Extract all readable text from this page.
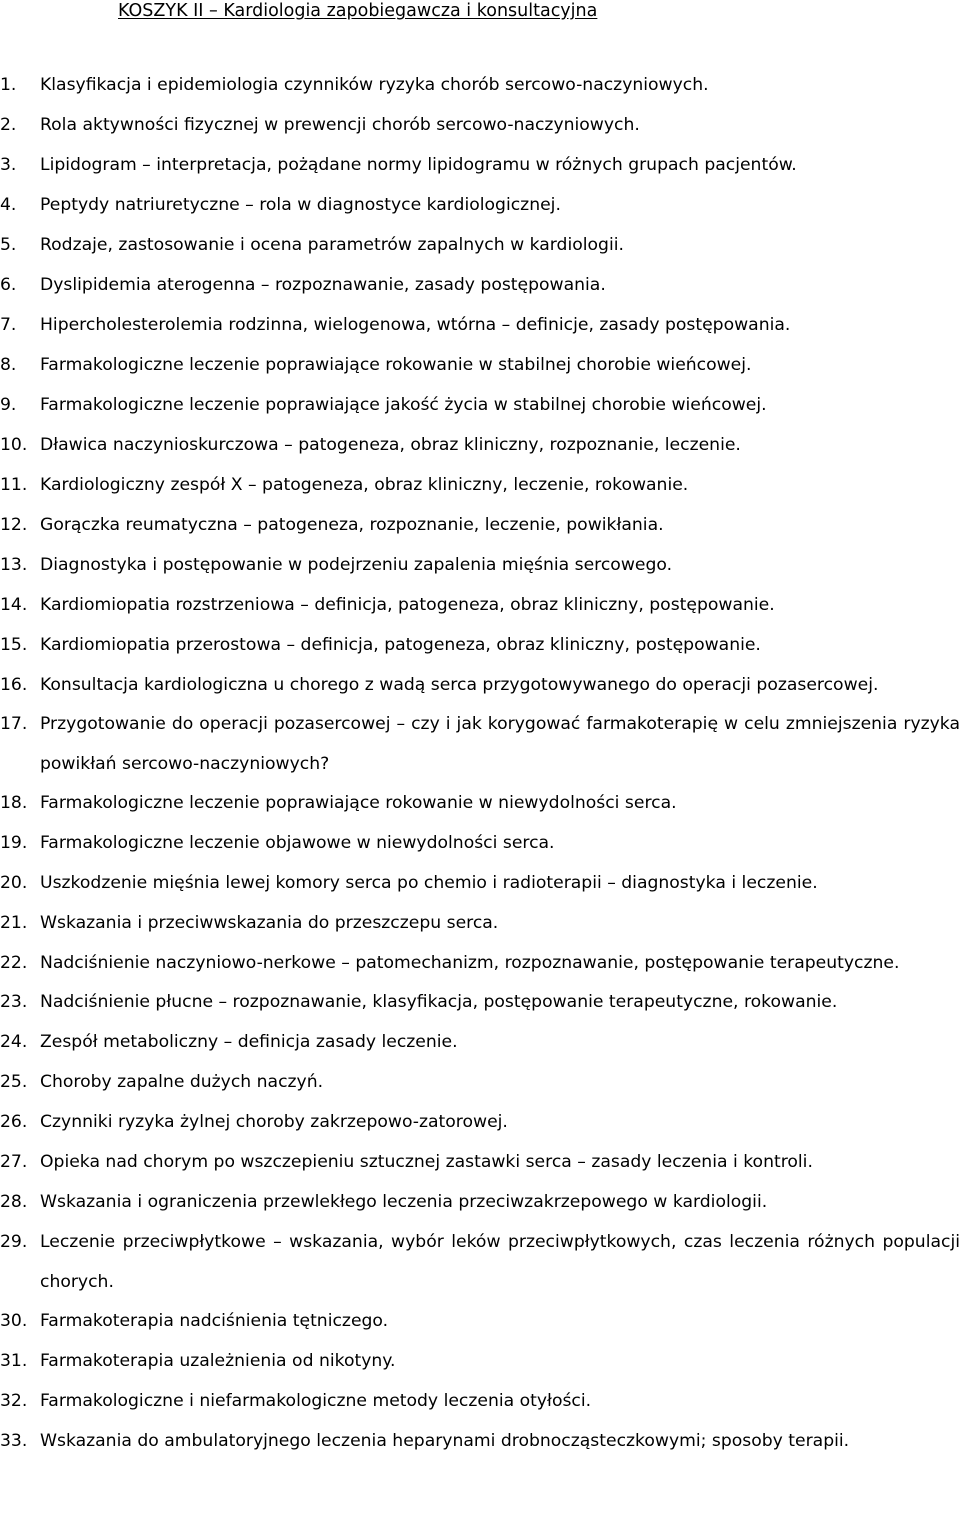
KOSZYK II – Kardiologia zapobiegawcza i konsultacyjna
1.	Klasyfikacja i epidemiologia czynników ryzyka chorób sercowo-naczyniowych.
2.	Rola aktywności fizycznej w prewencji chorób sercowo-naczyniowych.
3.	Lipidogram – interpretacja, pożądane normy lipidogramu w różnych grupach pacjentów.
4.	Peptydy natriuretyczne – rola w diagnostyce kardiologicznej.
5.	Rodzaje, zastosowanie i ocena parametrów zapalnych w kardiologii.
6.	Dyslipidemia aterogenna – rozpoznawanie, zasady postępowania.
7.	Hipercholesterolemia rodzinna, wielogenowa, wtórna – definicje, zasady postępowania.
8.	Farmakologiczne leczenie poprawiające rokowanie w stabilnej chorobie wieńcowej.
9.	Farmakologiczne leczenie poprawiające jakość życia w stabilnej chorobie wieńcowej.
10. Dławica naczynioskurczowa – patogeneza, obraz kliniczny, rozpoznanie, leczenie.
11. Kardiologiczny zespół X – patogeneza, obraz kliniczny, leczenie, rokowanie.
12. Gorączka reumatyczna – patogeneza, rozpoznanie, leczenie, powikłania.
13. Diagnostyka i postępowanie w podejrzeniu zapalenia mięśnia sercowego.
14. Kardiomiopatia rozstrzeniowa – definicja, patogeneza, obraz kliniczny, postępowanie.
15. Kardiomiopatia przerostowa – definicja, patogeneza, obraz kliniczny, postępowanie.
16. Konsultacja kardiologiczna u chorego z wadą serca przygotowywanego do operacji pozasercowej.
17. Przygotowanie do operacji pozasercowej – czy i jak korygować farmakoterapię w celu zmniejszenia ryzyka powikłań sercowo-naczyniowych?
18. Farmakologiczne leczenie poprawiające rokowanie w niewydolności serca.
19. Farmakologiczne leczenie objawowe w niewydolności serca.
20. Uszkodzenie mięśnia lewej komory serca po chemio i radioterapii – diagnostyka i leczenie.
21. Wskazania i przeciwwskazania do przeszczepu serca.
22. Nadciśnienie naczyniowo-nerkowe – patomechanizm, rozpoznawanie, postępowanie terapeutyczne.
23. Nadciśnienie płucne – rozpoznawanie, klasyfikacja, postępowanie terapeutyczne, rokowanie.
24. Zespół metaboliczny – definicja zasady leczenie.
25. Choroby zapalne dużych naczyń.
26. Czynniki ryzyka żylnej choroby zakrzepowo-zatorowej.
27. Opieka nad chorym po wszczepieniu sztucznej zastawki serca – zasady leczenia i kontroli.
28. Wskazania i ograniczenia przewlekłego leczenia przeciwzakrzepowego w kardiologii.
29. Leczenie przeciwpłytkowe – wskazania, wybór leków przeciwpłytkowych, czas leczenia różnych populacji chorych.
30. Farmakoterapia nadciśnienia tętniczego.
31. Farmakoterapia uzależnienia od nikotyny.
32. Farmakologiczne i niefarmakologiczne metody leczenia otyłości.
33. Wskazania do ambulatoryjnego leczenia heparynami drobnocząsteczkowymi; sposoby terapii.
